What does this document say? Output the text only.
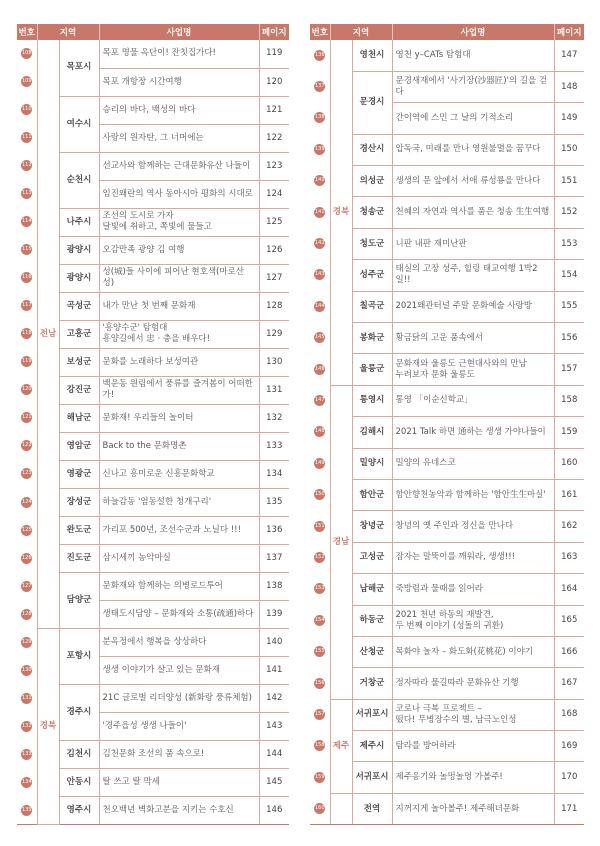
번호	지역		사업명	페이지
108	전남	목포시	목포 명물 옥단이! 잔칫집가다!	119
109			목포 개항장 시간여행	120
110		여수시	승리의 바다, 백성의 바다	121
111			사랑의 원자탄, 그 너머에는	122
112		순천시	선교사와 함께하는 근대문화유산 나들이	123
113			임진왜란의 역사 동아시아 평화의 시대로	124
114		나주시	조선의 도시로 가자
달빛에 취하고, 쪽빛에 물들고	125
115		광양시	오감만족 광양 김 여행	126
116		광양시	성(城)들 사이에 피어난 현호색(마로산성)	127
117		곡성군	내가 만난 첫 번째 문화재	128
118		고흥군	'흥양수군' 탐험대
흥양길에서 忠 · 충을 배우다!	129
119		보성군	문화를 노래하다 보성여관	130
120		강진군	백운동 원림에서 풍류를 즐겨봄이 어떠한가!	131
121		해남군	문화재! 우리들의 놀이터	132
122		영암군	Back to the 문화명촌	133
123		영광군	신나고 흥미로운 신흥문화학교	134
124		장성군	하늘감동 '엄동설한 청개구리'	135
125		완도군	가리포 500년, 조선수군과 노닐다 !!!	136
126		진도군	삼시세끼 농악마실	137
127		담양군	문화재와 함께하는 의병로드투어	138
128			생태도시담양 – 문화재와 소통(疏通)하다	139
129	경북	포항시	분옥정에서 행복을 상상하다	140
130			생생 이야기가 살고 있는 문화재	141
131		경주시	21C 글로벌 리더양성 (新화랑 풍류체험)	142
132			'경주읍성 생생 나들이'	143
133		김천시	김천문화 조선의 품 속으로!	144
134		안동시	탈 쓰고 탈 막세	145
135		영주시	천오백년 벽화고분을 지키는 수호신	146
번호	지역		사업명	페이지
136	경북	영천시	영천 y–CATs 탐험대	147
137		문경시	문경새재에서 '사기장(沙器匠)'의 길을 걷다	148
138			간이역에 스민 그 날의 기적소리	149
139		경산시	압독국, 미래를 만나 영원불멸을 꿈꾸다	150
140		의성군	생생의 문 앞에서 서애 류성룡을 만나다	151
141		청송군	천혜의 자연과 역사를 품은 청송 生生여행	152
142		청도군	니판 내판 재미난판	153
143		성주군	태실의 고장 성주, 힐링 태교여행 1박2일!!	154
144		칠곡군	2021왜관터널 주말 문화예술 사랑방	155
145		봉화군	황금닭의 고운 품속에서	156
146		울릉군	문화재와 울릉도 근현대사와의 만남
누려보자 문화 울릉도	157
147	경남	통영시	통영 「이순신학교」	158
148		김해시	2021 Talk 하면 通하는 생생 가야나들이	159
149		밀양시	밀양의 유네스코	160
150		함안군	함안향천농악과 함께하는 '함안生生마실'	161
151		창녕군	창녕의 옛 주인과 정신을 만나다	162
152		고성군	잠자는 말뚝이를 깨워라, 생생!!!	163
153		남해군	죽방렴과 물때를 읽어라	164
154		하동군	2021 천년 하동의 재발견,
두 번째 이야기 (성돌의 귀환)	165
155		산청군	목화야 놀자 – 화도화(花桃花) 이야기	166
156		거창군	정자따라 물길따라 문화유산 기행	167
157	제주	서귀포시	코로나 극복 프로젝트 –
떴다! 무병장수의 별, 남극노인성	168
158		제주시	탐라를 방어하라	169
159		서귀포시	제주옹기와 놀멍놀멍 가볼주!	170
160		전역	지꺼지게 놀아볼주! 제주해녀문화	171
